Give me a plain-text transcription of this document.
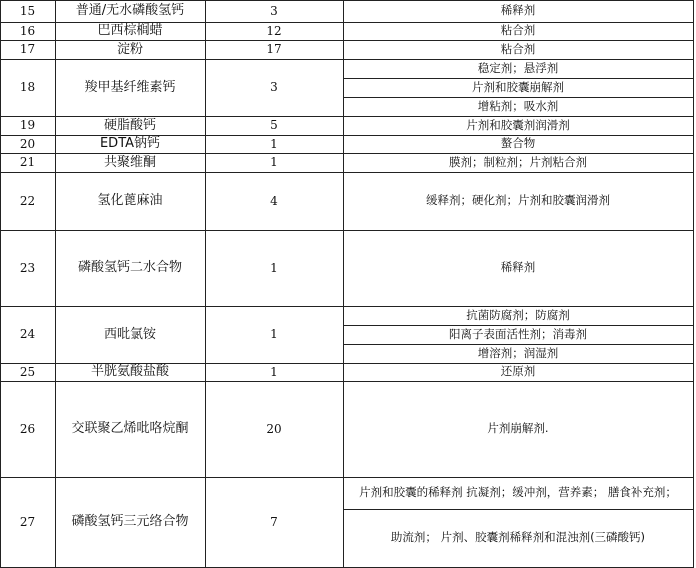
15	普通/无水磷酸氢钙	3	稀释剂
16	巴西棕榈蜡	12	粘合剂
17	淀粉	17	粘合剂
18	羧甲基纤维素钙	3
稳定剂；悬浮剂
片剂和胶囊崩解剂
增粘剂；吸水剂
19	硬脂酸钙	5	片剂和胶囊剂润滑剂
20	EDTA钠钙	1	螯合物
21	共聚维酮	1	膜剂；制粒剂；片剂粘合剂
22	氢化蓖麻油	4	缓释剂；硬化剂；片剂和胶囊润滑剂
23	磷酸氢钙二水合物	1	稀释剂
24	西吡氯铵	1
抗菌防腐剂；防腐剂
阳离子表面活性剂；消毒剂
增溶剂；润湿剂
25	半胱氨酸盐酸	1	还原剂
26	交联聚乙烯吡咯烷酮	20	片剂崩解剂.
27	磷酸氢钙三元络合物	7
片剂和胶囊的稀释剂 抗凝剂；缓冲剂，营养素； 膳食补充剂；
助流剂； 片剂、胶囊剂稀释剂和混浊剂(三磷酸钙)
